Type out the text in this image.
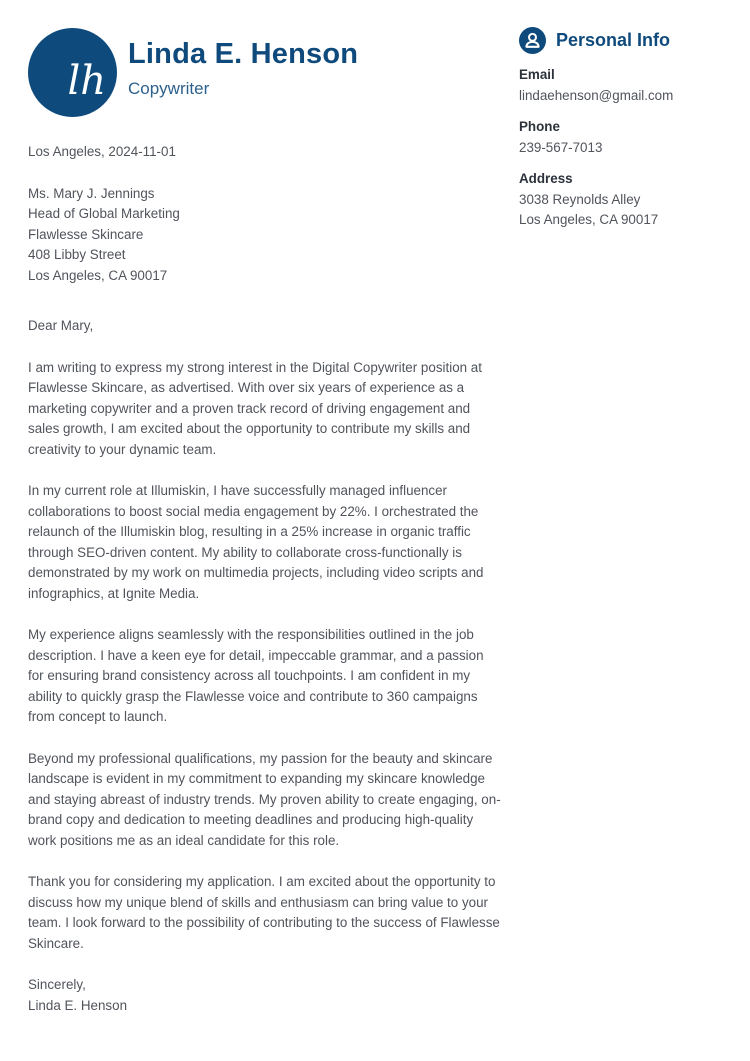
lh
Linda E. Henson
Copywriter
Los Angeles, 2024-11-01
Ms. Mary J. Jennings
Head of Global Marketing
Flawlesse Skincare
408 Libby Street
Los Angeles, CA 90017
Dear Mary,

I am writing to express my strong interest in the Digital Copywriter position at Flawlesse Skincare, as advertised. With over six years of experience as a marketing copywriter and a proven track record of driving engagement and sales growth, I am excited about the opportunity to contribute my skills and creativity to your dynamic team.

In my current role at Illumiskin, I have successfully managed influencer collaborations to boost social media engagement by 22%. I orchestrated the relaunch of the Illumiskin blog, resulting in a 25% increase in organic traffic through SEO-driven content. My ability to collaborate cross-functionally is demonstrated by my work on multimedia projects, including video scripts and infographics, at Ignite Media.

My experience aligns seamlessly with the responsibilities outlined in the job description. I have a keen eye for detail, impeccable grammar, and a passion for ensuring brand consistency across all touchpoints. I am confident in my ability to quickly grasp the Flawlesse voice and contribute to 360 campaigns from concept to launch.

Beyond my professional qualifications, my passion for the beauty and skincare landscape is evident in my commitment to expanding my skincare knowledge and staying abreast of industry trends. My proven ability to create engaging, on-brand copy and dedication to meeting deadlines and producing high-quality work positions me as an ideal candidate for this role.

Thank you for considering my application. I am excited about the opportunity to discuss how my unique blend of skills and enthusiasm can bring value to your team. I look forward to the possibility of contributing to the success of Flawlesse Skincare.

Sincerely,
Linda E. Henson
Personal Info
Email
lindaehenson@gmail.com
Phone
239-567-7013
Address
3038 Reynolds Alley
Los Angeles, CA 90017
